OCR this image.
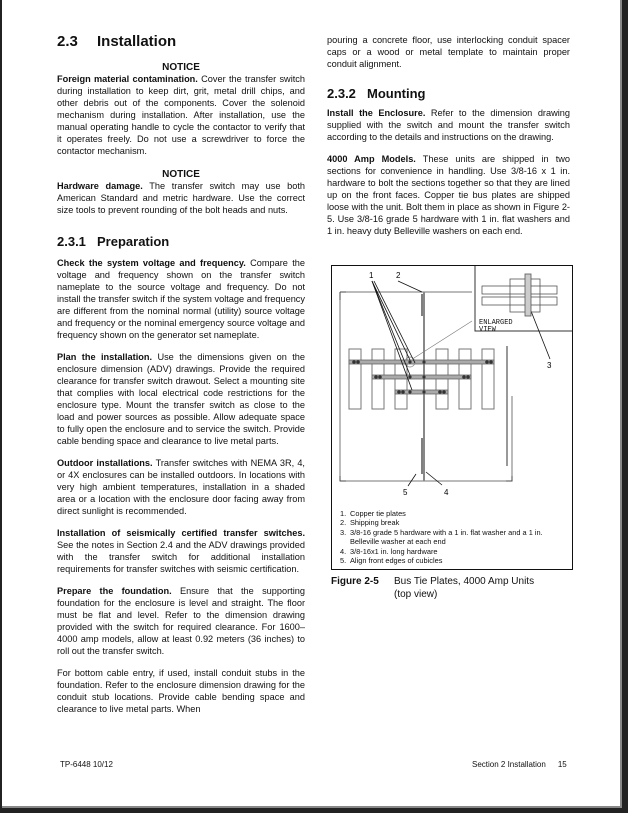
2.3	Installation
NOTICE

Foreign material contamination. Cover the transfer switch during installation to keep dirt, grit, metal drill chips, and other debris out of the components. Cover the solenoid mechanism during installation. After installation, use the manual operating handle to cycle the contactor to verify that it operates freely. Do not use a screwdriver to force the contactor mechanism.

NOTICE

Hardware damage. The transfer switch may use both American Standard and metric hardware. Use the correct size tools to prevent rounding of the bolt heads and nuts.

2.3.1 Preparation

Check the system voltage and frequency. Compare the voltage and frequency shown on the transfer switch nameplate to the source voltage and frequency. Do not install the transfer switch if the system voltage and frequency are different from the nominal normal (utility) source voltage and frequency or the nominal emergency source voltage and frequency shown on the generator set nameplate.

Plan the installation. Use the dimensions given on the enclosure dimension (ADV) drawings. Provide the required clearance for transfer switch drawout. Select a mounting site that complies with local electrical code restrictions for the enclosure type. Mount the transfer switch as close to the load and power sources as possible. Allow adequate space to fully open the enclosure and to service the switch. Provide cable bending space and clearance to live metal parts.

Outdoor installations. Transfer switches with NEMA 3R, 4, or 4X enclosures can be installed outdoors. In locations with very high ambient temperatures, installation in a shaded area or a location with the enclosure door facing away from direct sunlight is recommended.

Installation of seismically certified transfer switches. See the notes in Section 2.4 and the ADV drawings provided with the transfer switch for additional installation requirements for transfer switches with seismic certification.

Prepare the foundation. Ensure that the supporting foundation for the enclosure is level and straight. The floor must be flat and level. Refer to the dimension drawing provided with the switch for required clearance. For 1600–4000 amp models, allow at least 0.92 meters (36 inches) to roll out the transfer switch.

For bottom cable entry, if used, install conduit stubs in the foundation. Refer to the enclosure dimension drawing for the conduit stub locations. Provide cable bending space and clearance to live metal parts. When

pouring a concrete floor, use interlocking conduit spacer caps or a wood or metal template to maintain proper conduit alignment.

2.3.2 Mounting

Install the Enclosure. Refer to the dimension drawing supplied with the switch and mount the transfer switch according to the details and instructions on the drawing.

4000 Amp Models. These units are shipped in two sections for convenience in handling. Use 3/8-16 x 1 in. hardware to bolt the sections together so that they are lined up on the front faces. Copper tie bus plates are shipped loose with the unit. Bolt them in place as shown in Figure 2-5. Use 3/8-16 grade 5 hardware with 1 in. flat washers and 1 in. heavy duty Belleville washers on each end.

ENLARGED
VIEW
1	2
3
4
5
1. Copper tie plates
2. Shipping break
3. 3/8-16 grade 5 hardware with a 1 in. flat washer and a 1 in. Belleville washer at each end
4. 3/8-16x1 in. long hardware
5. Align front edges of cubicles
Figure 2-5	Bus Tie Plates, 4000 Amp Units
(top view)
TP-6448 10/12	Section 2 Installation 15
